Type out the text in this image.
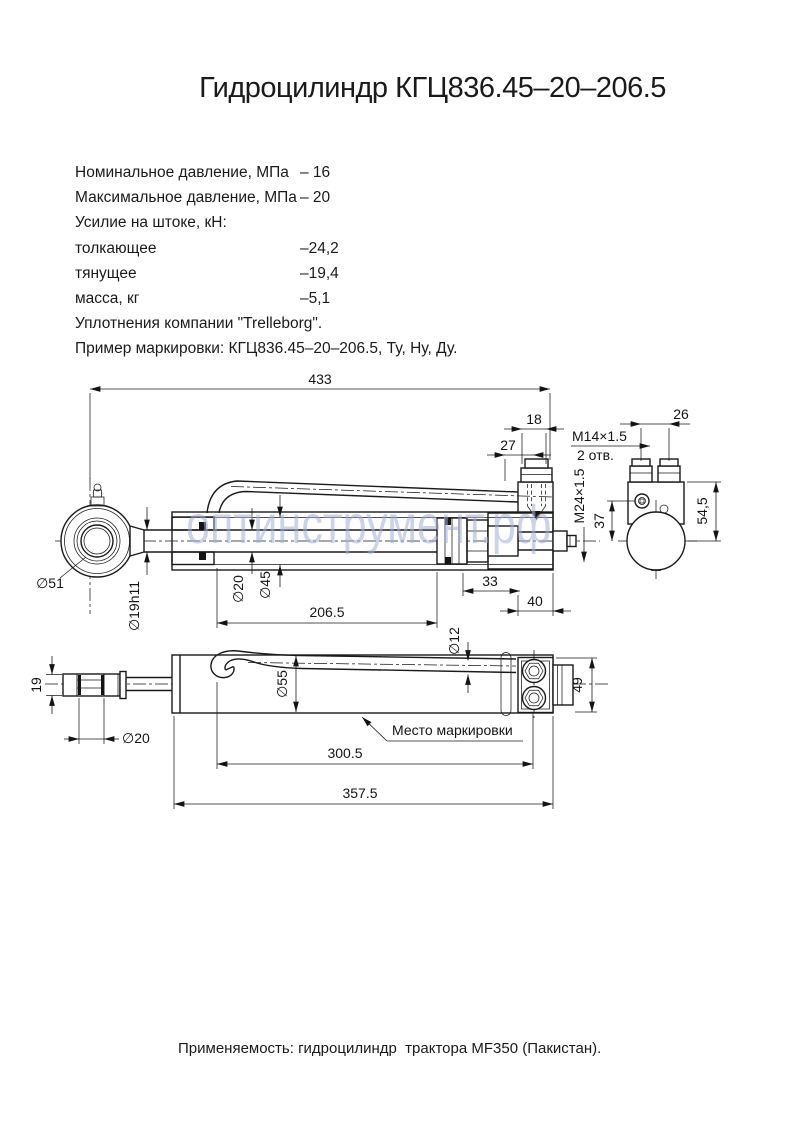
Гидроцилиндр КГЦ836.45–20–206.5
Номинальное давление, МПа – 16
Максимальное давление, МПа – 20
Усилие на штоке, кН:
толкающее	–24,2
тянущее	–19,4
масса, кг	–5,1
Уплотнения компании "Trelleborg".
Пример маркировки: КГЦ836.45–20–206.5, Ту, Ну, Ду.
433
18
27
M14×1.5
2 отв.
М24×1.5
26
37	54,5
33
40
206.5
∅20 ∅45
∅19h11
∅51
19
∅20
∅55
∅12
49
300.5
357.5
Место маркировки
оптинструмент.рф
Применяемость: гидроцилиндр  трактора MF350 (Пакистан).
